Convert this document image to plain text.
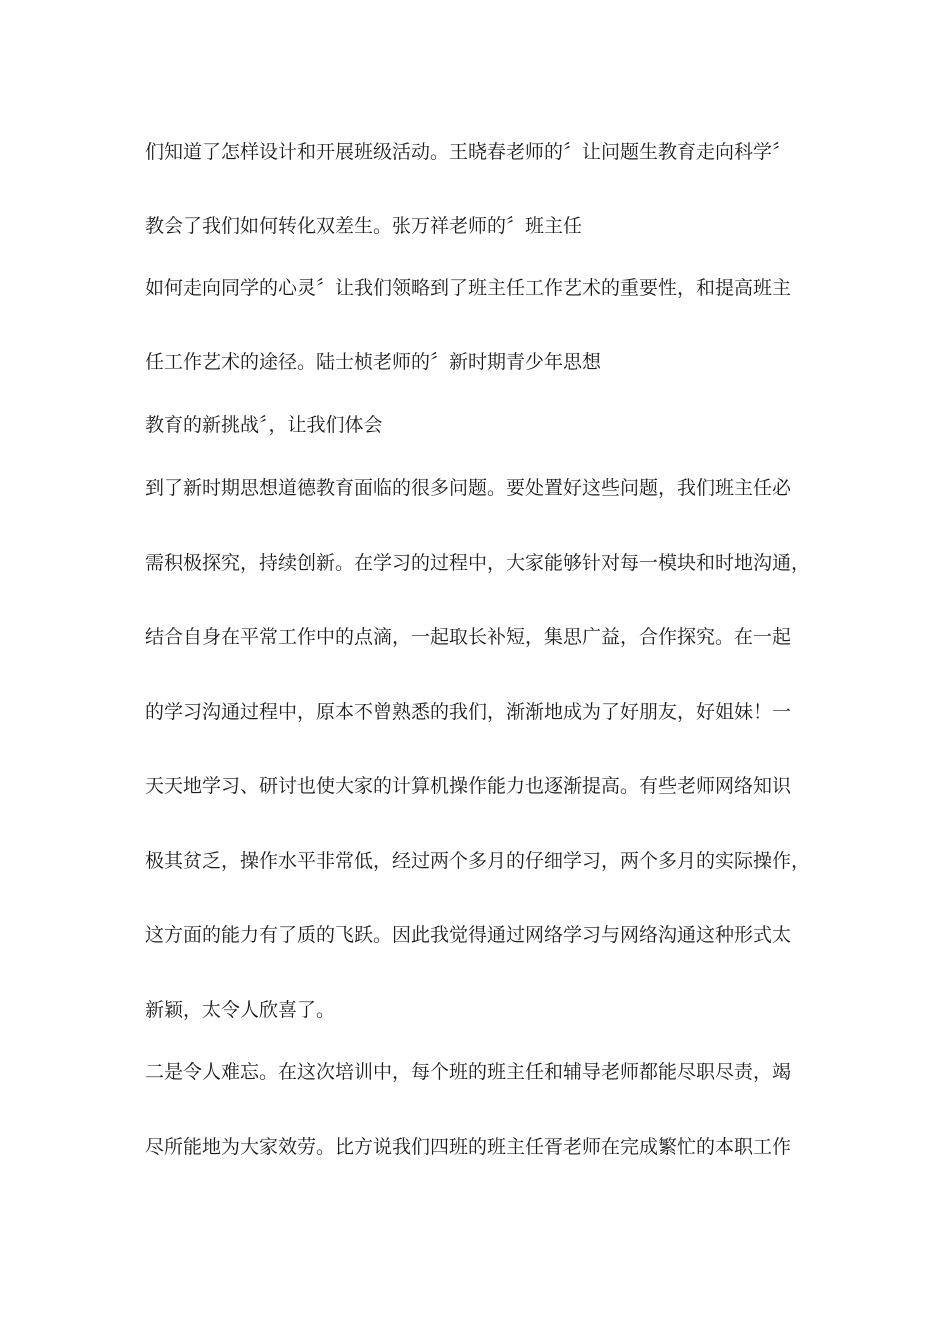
们知道了怎样设计和开展班级活动。王晓春老师的〞让问题生教育走向科学〞
教会了我们如何转化双差生。张万祥老师的〞班主任
如何走向同学的心灵〞让我们领略到了班主任工作艺术的重要性，和提高班主
任工作艺术的途径。陆士桢老师的〞新时期青少年思想
教育的新挑战〞，让我们体会
到了新时期思想道德教育面临的很多问题。要处置好这些问题，我们班主任必
需积极探究，持续创新。在学习的过程中，大家能够针对每一模块和时地沟通，
结合自身在平常工作中的点滴，一起取长补短，集思广益，合作探究。在一起
的学习沟通过程中，原本不曾熟悉的我们，渐渐地成为了好朋友，好姐妹！一
天天地学习、研讨也使大家的计算机操作能力也逐渐提高。有些老师网络知识
极其贫乏，操作水平非常低，经过两个多月的仔细学习，两个多月的实际操作，
这方面的能力有了质的飞跃。因此我觉得通过网络学习与网络沟通这种形式太
新颖，太令人欣喜了。
二是令人难忘。在这次培训中，每个班的班主任和辅导老师都能尽职尽责，竭
尽所能地为大家效劳。比方说我们四班的班主任胥老师在完成繁忙的本职工作
